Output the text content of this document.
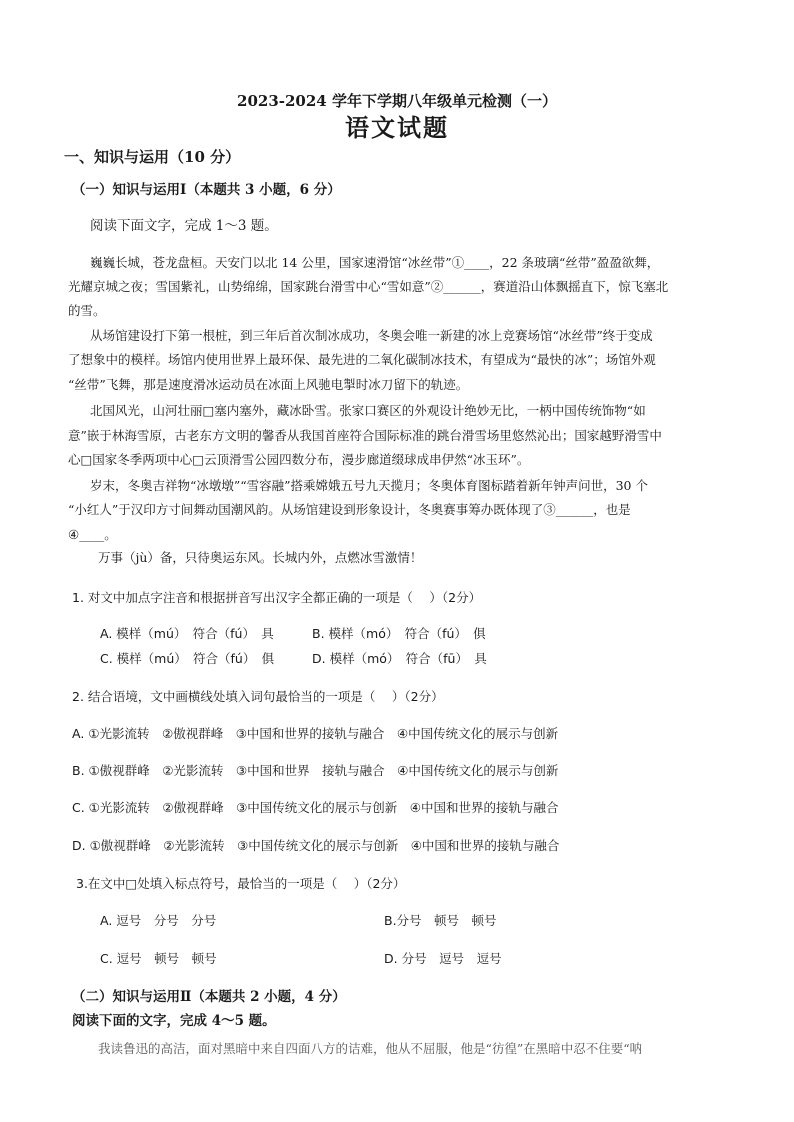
2023-2024 学年下学期八年级单元检测（一）
语文试题
一、知识与运用（10 分）
（一）知识与运用Ⅰ（本题共 3 小题，6 分）
阅读下面文字，完成 1～3 题。
巍巍长城，苍龙盘桓。天安门以北 14 公里，国家速滑馆“冰丝带”①____，22 条玻璃“丝带”盈盈欲舞，
光耀京城之夜；雪国紫礼，山势绵绵，国家跳台滑雪中心“雪如意”②______，赛道沿山体飘摇直下，惊飞塞北
的雪。
从场馆建设打下第一根桩，到三年后首次制冰成功，冬奥会唯一新建的冰上竞赛场馆“冰丝带”终于变成
了想象中的模样。场馆内使用世界上最环保、最先进的二氧化碳制冰技术，有望成为“最快的冰”；场馆外观
“丝带”飞舞，那是速度滑冰运动员在冰面上风驰电掣时冰刀留下的轨迹。
北国风光，山河壮丽□塞内塞外，藏冰卧雪。张家口赛区的外观设计绝妙无比，一柄中国传统饰物“如
意”嵌于林海雪原，古老东方文明的馨香从我国首座符合国际标准的跳台滑雪场里悠然沁出；国家越野滑雪中
心□国家冬季两项中心□云顶滑雪公园四数分布，漫步廊道缀球成串伊然“冰玉环”。
岁末，冬奥吉祥物“冰墩墩”“雪容融”搭乘嫦娥五号九天揽月；冬奥体育图标踏着新年钟声问世，30 个
“小红人”于汉印方寸间舞动国潮风韵。从场馆建设到形象设计，冬奥赛事筹办既体现了③______，也是
④____。
万事（jù）备，只待奥运东风。长城内外，点燃冰雪激情！
1. 对文中加点字注音和根据拼音写出汉字全都正确的一项是（　 ）（2分）
A. 模样（mú）　符合（fú）　具	B. 模样（mó）　符合（fú）　俱
C. 模样（mú）　符合（fú）　俱	D. 模样（mó）　符合（fū）　具
2. 结合语境，文中画横线处填入词句最恰当的一项是（　 ）（2分）
A. ①光影流转　②傲视群峰　③中国和世界的接轨与融合　④中国传统文化的展示与创新
B. ①傲视群峰　②光影流转　③中国和世界　接轨与融合　④中国传统文化的展示与创新
C. ①光影流转　②傲视群峰　③中国传统文化的展示与创新　④中国和世界的接轨与融合
D. ①傲视群峰　②光影流转　③中国传统文化的展示与创新　④中国和世界的接轨与融合
3.在文中□处填入标点符号，最恰当的一项是（　 ）（2分）
A. 逗号　分号　分号	B.分号　顿号　顿号
C. 逗号　顿号　顿号	D. 分号　逗号　逗号
（二）知识与运用Ⅱ（本题共 2 小题，4 分）
阅读下面的文字，完成 4～5 题。
我读鲁迅的高洁，面对黑暗中来自四面八方的诘难，他从不屈服，他是“彷徨”在黑暗中忍不住要“呐
